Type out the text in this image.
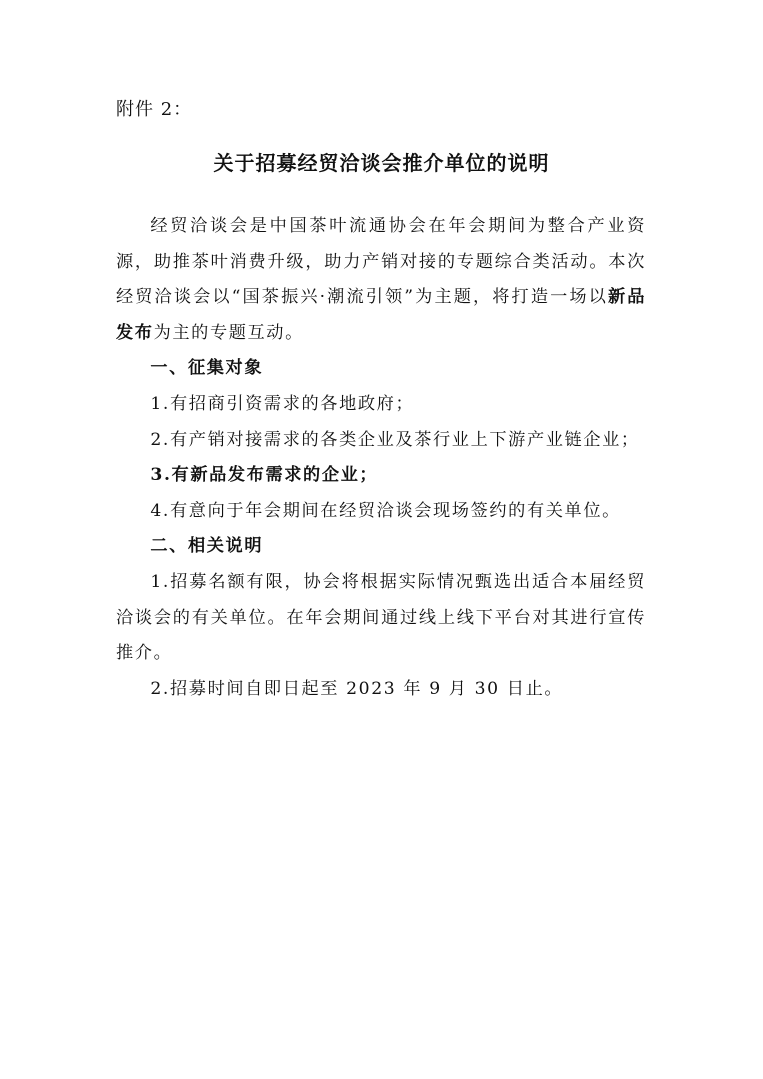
附件 2：
关于招募经贸洽谈会推介单位的说明

经贸洽谈会是中国茶叶流通协会在年会期间为整合产业资源，助推茶叶消费升级，助力产销对接的专题综合类活动。本次经贸洽谈会以“国茶振兴·潮流引领”为主题，将打造一场以新品发布为主的专题互动。

一、征集对象

1.有招商引资需求的各地政府；

2.有产销对接需求的各类企业及茶行业上下游产业链企业；

3.有新品发布需求的企业；

4.有意向于年会期间在经贸洽谈会现场签约的有关单位。

二、相关说明

1.招募名额有限，协会将根据实际情况甄选出适合本届经贸洽谈会的有关单位。在年会期间通过线上线下平台对其进行宣传推介。

2.招募时间自即日起至 2023 年 9 月 30 日止。
